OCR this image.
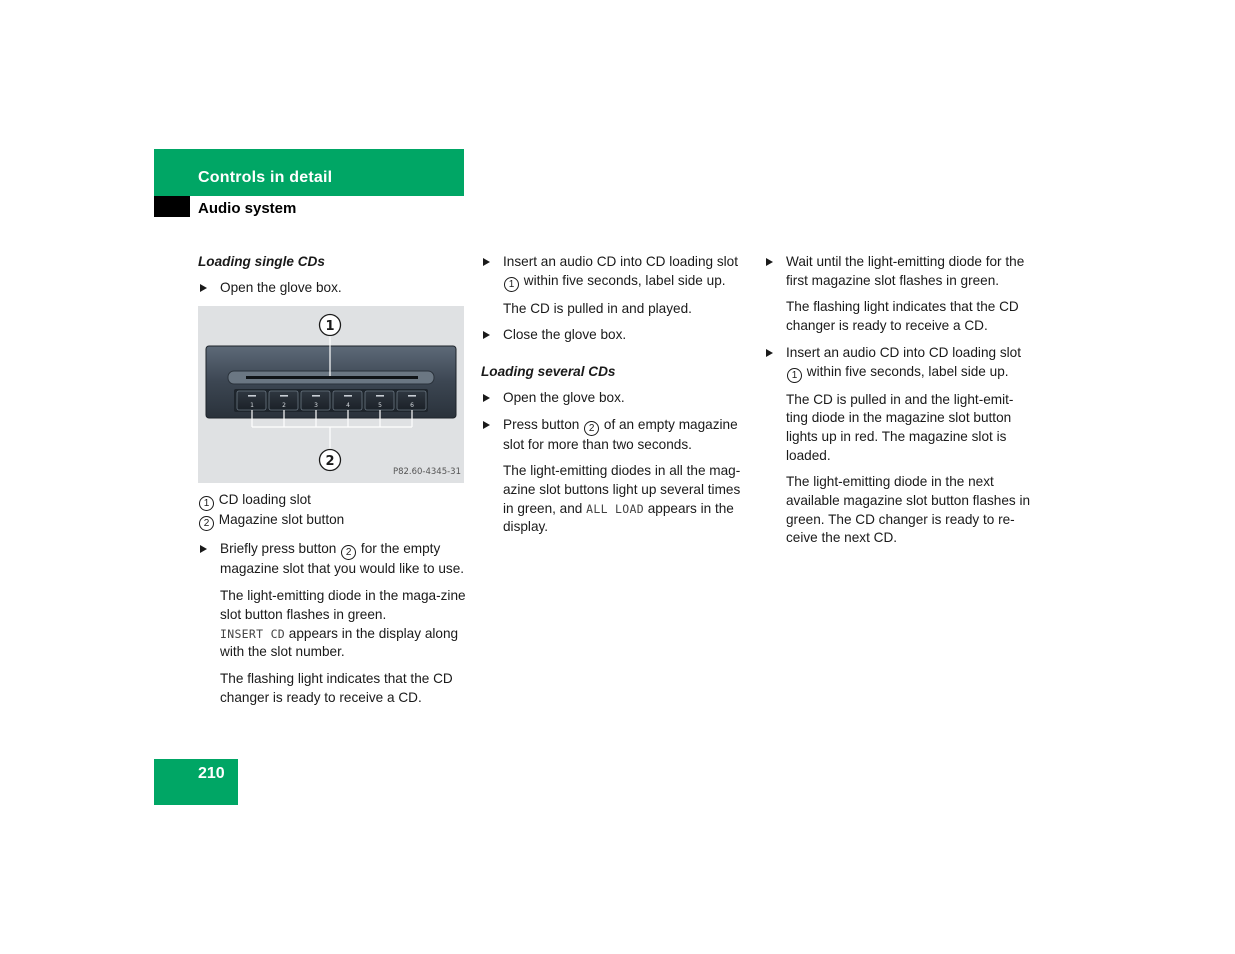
Controls in detail
Audio system
Loading single CDs
Open the glove box.
1	2	3	4	5	6
1
2
P82.60-4345-31
1 CD loading slot
2 Magazine slot button
Briefly press button 2 for the empty magazine slot that you would like to use.
The light-emitting diode in the maga-zine slot button flashes in green.
INSERT CD appears in the display along with the slot number.
The flashing light indicates that the CD changer is ready to receive a CD.
Insert an audio CD into CD loading slot 1 within five seconds, label side up.
The CD is pulled in and played.
Close the glove box.
Loading several CDs
Open the glove box.
Press button 2 of an empty magazine slot for more than two seconds.
The light-emitting diodes in all the mag-azine slot buttons light up several times in green, and ALL LOAD appears in the display.
Wait until the light-emitting diode for the first magazine slot flashes in green.
The flashing light indicates that the CD changer is ready to receive a CD.
Insert an audio CD into CD loading slot 1 within five seconds, label side up.
The CD is pulled in and the light-emit-ting diode in the magazine slot button lights up in red. The magazine slot is loaded.
The light-emitting diode in the next available magazine slot button flashes in green. The CD changer is ready to re-ceive the next CD.
210
